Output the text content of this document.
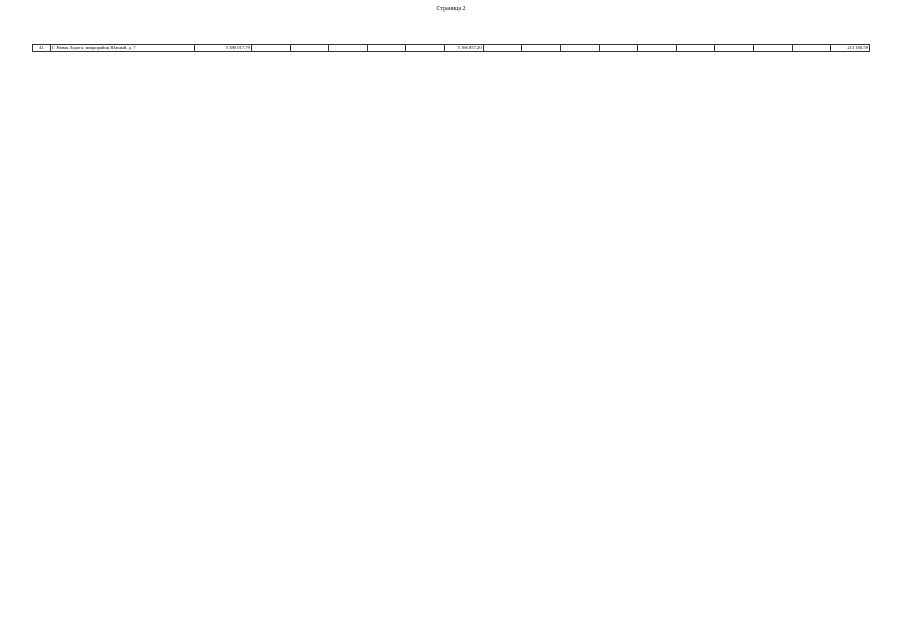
Страница 2
41	Г. Новая Ладога, микрорайон Южный, д. 7	5 380 017,79						5 166 857,20										213 160,59
